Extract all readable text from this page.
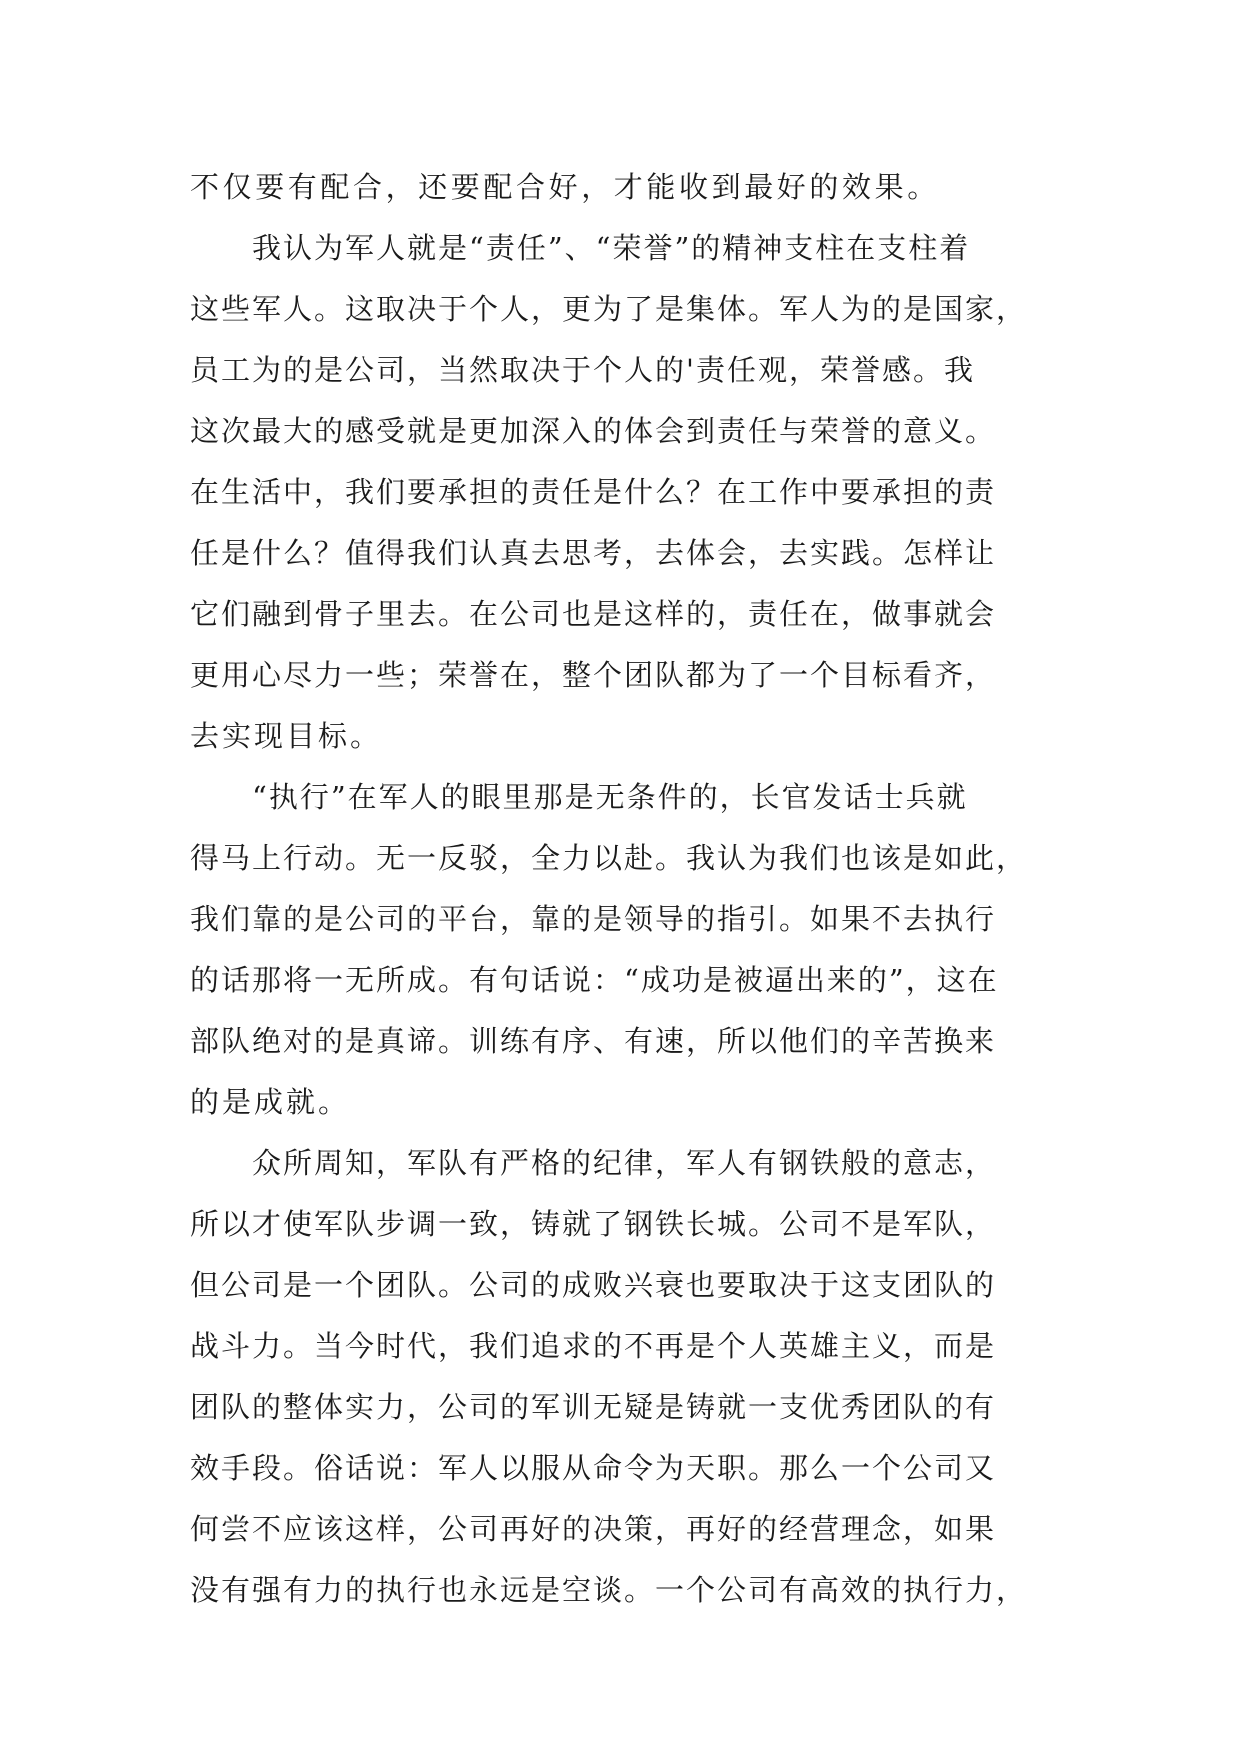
不仅要有配合，还要配合好，才能收到最好的效果。
我认为军人就是“责任”、“荣誉”的精神支柱在支柱着
这些军人。这取决于个人，更为了是集体。军人为的是国家，
员工为的是公司，当然取决于个人的'责任观，荣誉感。我
这次最大的感受就是更加深入的体会到责任与荣誉的意义。
在生活中，我们要承担的责任是什么？在工作中要承担的责
任是什么？值得我们认真去思考，去体会，去实践。怎样让
它们融到骨子里去。在公司也是这样的，责任在，做事就会
更用心尽力一些；荣誉在，整个团队都为了一个目标看齐，
去实现目标。
“执行”在军人的眼里那是无条件的，长官发话士兵就
得马上行动。无一反驳，全力以赴。我认为我们也该是如此，
我们靠的是公司的平台，靠的是领导的指引。如果不去执行
的话那将一无所成。有句话说：“成功是被逼出来的”，这在
部队绝对的是真谛。训练有序、有速，所以他们的辛苦换来
的是成就。
众所周知，军队有严格的纪律，军人有钢铁般的意志，
所以才使军队步调一致，铸就了钢铁长城。公司不是军队，
但公司是一个团队。公司的成败兴衰也要取决于这支团队的
战斗力。当今时代，我们追求的不再是个人英雄主义，而是
团队的整体实力，公司的军训无疑是铸就一支优秀团队的有
效手段。俗话说：军人以服从命令为天职。那么一个公司又
何尝不应该这样，公司再好的决策，再好的经营理念，如果
没有强有力的执行也永远是空谈。一个公司有高效的执行力，
